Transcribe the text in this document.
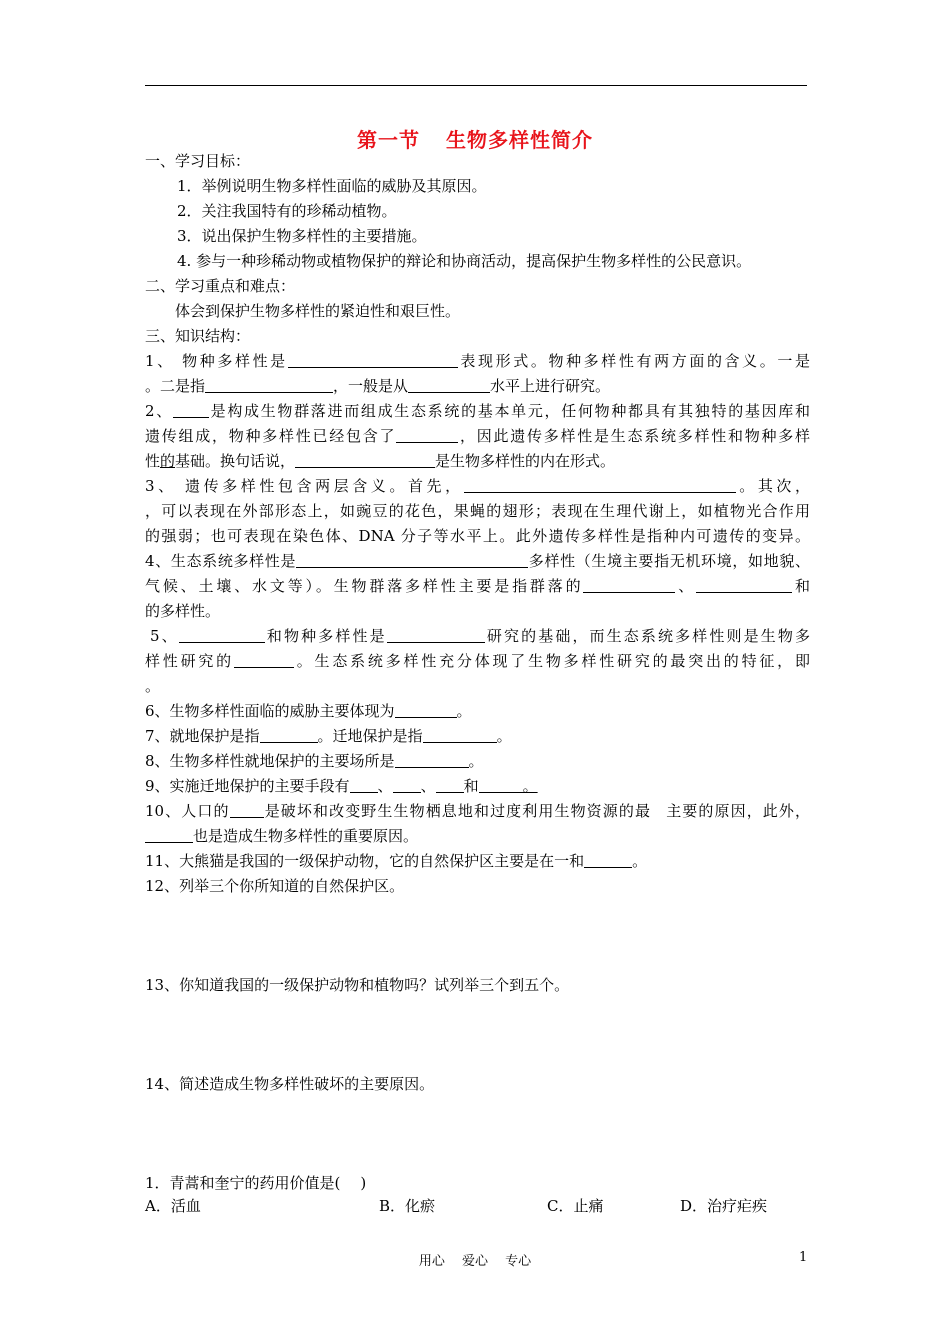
第一节 生物多样性简介
一、学习目标：
1．举例说明生物多样性面临的威胁及其原因。
2．关注我国特有的珍稀动植物。
3．说出保护生物多样性的主要措施。
4. 参与一种珍稀动物或植物保护的辩论和协商活动，提高保护生物多样性的公民意识。
二、学习重点和难点：
体会到保护生物多样性的紧迫性和艰巨性。
三、知识结构：
1、 物种多样性是	表现形式。物种多样性有两方面的含义。一是
。二是指	，一般是从	水平上进行研究。
2、 是构成生物群落进而组成生态系统的基本单元，任何物种都具有其独特的基因库和
遗传组成，物种多样性已经包含了	，因此遗传多样性是生态系统多样性和物种多样
性的基础。换句话说，	是生物多样性的内在形式。
3、 遗传多样性包含两层含义。首先，	。其次，
，可以表现在外部形态上，如豌豆的花色，果蝇的翅形；表现在生理代谢上，如植物光合作用
的强弱；也可表现在染色体、DNA 分子等水平上。此外遗传多样性是指种内可遗传的变异。
4、生态系统多样性是	多样性（生境主要指无机环境，如地貌、
气候、土壤、水文等）。生物群落多样性主要是指群落的	、	和
的多样性。
5、	和物种多样性是	研究的基础，而生态系统多样性则是生物多
样性研究的	。生态系统多样性充分体现了生物多样性研究的最突出的特征，即
。
6、生物多样性面临的威胁主要体现为	。
7、就地保护是指	。迁地保护是指	。
8、生物多样性就地保护的主要场所是	。
9、实施迁地保护的主要手段有 、 、 和	。
10、人口的 是破坏和改变野生生物栖息地和过度利用生物资源的最 主要的原因，此外，
也是造成生物多样性的重要原因。
11、大熊猫是我国的一级保护动物，它的自然保护区主要是在一和	。
12、列举三个你所知道的自然保护区。
13、你知道我国的一级保护动物和植物吗？试列举三个到五个。
14、简述造成生物多样性破坏的主要原因。
1．青蒿和奎宁的药用价值是( )
A．活血	B．化瘀	C．止痛	D．治疗疟疾
用心　 爱心　 专心	1
